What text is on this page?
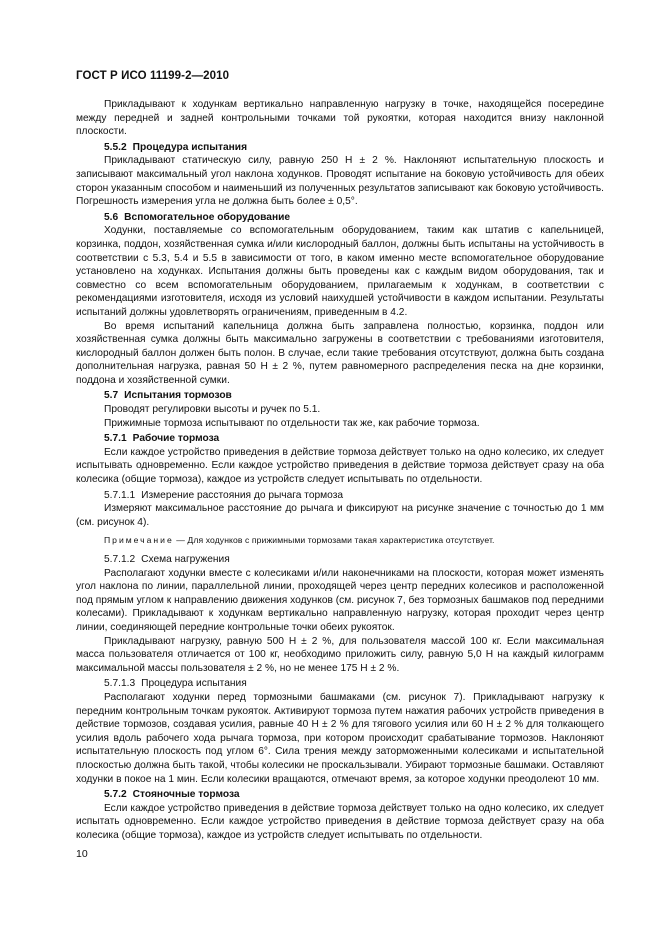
ГОСТ Р ИСО 11199-2—2010

Прикладывают к ходункам вертикально направленную нагрузку в точке, находящейся посередине между передней и задней контрольными точками той рукоятки, которая находится внизу наклонной плоскости.

5.5.2 Процедура испытания

Прикладывают статическую силу, равную 250 Н ± 2 %. Наклоняют испытательную плоскость и записывают максимальный угол наклона ходунков. Проводят испытание на боковую устойчивость для обеих сторон указанным способом и наименьший из полученных результатов записывают как боковую устойчивость. Погрешность измерения угла не должна быть более ± 0,5°.

5.6 Вспомогательное оборудование

Ходунки, поставляемые со вспомогательным оборудованием, таким как штатив с капельницей, корзинка, поддон, хозяйственная сумка и/или кислородный баллон, должны быть испытаны на устойчивость в соответствии с 5.3, 5.4 и 5.5 в зависимости от того, в каком именно месте вспомогательное оборудование установлено на ходунках. Испытания должны быть проведены как с каждым видом оборудования, так и совместно со всем вспомогательным оборудованием, прилагаемым к ходункам, в соответствии с рекомендациями изготовителя, исходя из условий наихудшей устойчивости в каждом испытании. Результаты испытаний должны удовлетворять ограничениям, приведенным в 4.2.

Во время испытаний капельница должна быть заправлена полностью, корзинка, поддон или хозяйственная сумка должны быть максимально загружены в соответствии с требованиями изготовителя, кислородный баллон должен быть полон. В случае, если такие требования отсутствуют, должна быть создана дополнительная нагрузка, равная 50 Н ± 2 %, путем равномерного распределения песка на дне корзинки, поддона и хозяйственной сумки.

5.7 Испытания тормозов

Проводят регулировки высоты и ручек по 5.1.

Прижимные тормоза испытывают по отдельности так же, как рабочие тормоза.

5.7.1 Рабочие тормоза

Если каждое устройство приведения в действие тормоза действует только на одно колесико, их следует испытывать одновременно. Если каждое устройство приведения в действие тормоза действует сразу на оба колесика (общие тормоза), каждое из устройств следует испытывать по отдельности.

5.7.1.1 Измерение расстояния до рычага тормоза

Измеряют максимальное расстояние до рычага и фиксируют на рисунке значение с точностью до 1 мм (см. рисунок 4).

Примечание — Для ходунков с прижимными тормозами такая характеристика отсутствует.

5.7.1.2 Схема нагружения

Располагают ходунки вместе с колесиками и/или наконечниками на плоскости, которая может изменять угол наклона по линии, параллельной линии, проходящей через центр передних колесиков и расположенной под прямым углом к направлению движения ходунков (см. рисунок 7, без тормозных башмаков под передними колесами). Прикладывают к ходункам вертикально направленную нагрузку, которая проходит через центр линии, соединяющей передние контрольные точки обеих рукояток.

Прикладывают нагрузку, равную 500 Н ± 2 %, для пользователя массой 100 кг. Если максимальная масса пользователя отличается от 100 кг, необходимо приложить силу, равную 5,0 Н на каждый килограмм максимальной массы пользователя ± 2 %, но не менее 175 Н ± 2 %.

5.7.1.3 Процедура испытания

Располагают ходунки перед тормозными башмаками (см. рисунок 7). Прикладывают нагрузку к передним контрольным точкам рукояток. Активируют тормоза путем нажатия рабочих устройств приведения в действие тормозов, создавая усилия, равные 40 Н ± 2 % для тягового усилия или 60 Н ± 2 % для толкающего усилия вдоль рабочего хода рычага тормоза, при котором происходит срабатывание тормозов. Наклоняют испытательную плоскость под углом 6°. Сила трения между заторможенными колесиками и испытательной плоскостью должна быть такой, чтобы колесики не проскальзывали. Убирают тормозные башмаки. Оставляют ходунки в покое на 1 мин. Если колесики вращаются, отмечают время, за которое ходунки преодолеют 10 мм.

5.7.2 Стояночные тормоза

Если каждое устройство приведения в действие тормоза действует только на одно колесико, их следует испытать одновременно. Если каждое устройство приведения в действие тормоза действует сразу на оба колесика (общие тормоза), каждое из устройств следует испытывать по отдельности.

10
